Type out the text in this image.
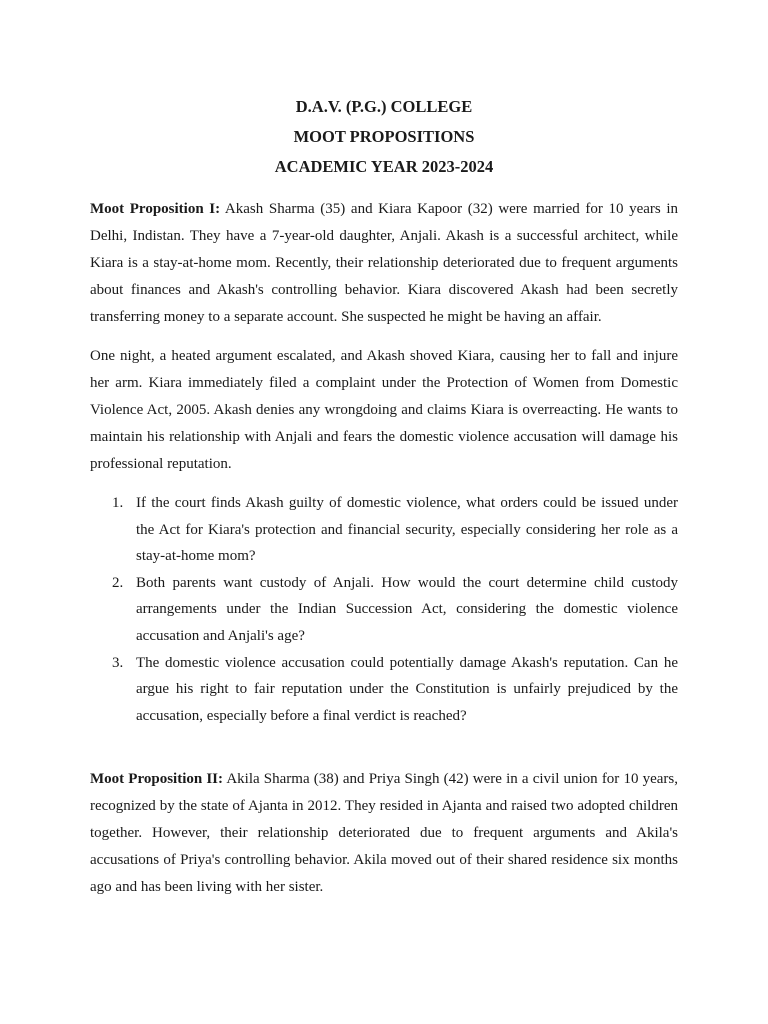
D.A.V. (P.G.) COLLEGE
MOOT PROPOSITIONS
ACADEMIC YEAR 2023-2024

Moot Proposition I: Akash Sharma (35) and Kiara Kapoor (32) were married for 10 years in Delhi, Indistan. They have a 7-year-old daughter, Anjali. Akash is a successful architect, while Kiara is a stay-at-home mom. Recently, their relationship deteriorated due to frequent arguments about finances and Akash's controlling behavior. Kiara discovered Akash had been secretly transferring money to a separate account. She suspected he might be having an affair.

One night, a heated argument escalated, and Akash shoved Kiara, causing her to fall and injure her arm. Kiara immediately filed a complaint under the Protection of Women from Domestic Violence Act, 2005. Akash denies any wrongdoing and claims Kiara is overreacting. He wants to maintain his relationship with Anjali and fears the domestic violence accusation will damage his professional reputation.

1. If the court finds Akash guilty of domestic violence, what orders could be issued under the Act for Kiara's protection and financial security, especially considering her role as a stay-at-home mom?
2. Both parents want custody of Anjali. How would the court determine child custody arrangements under the Indian Succession Act, considering the domestic violence accusation and Anjali's age?
3. The domestic violence accusation could potentially damage Akash's reputation. Can he argue his right to fair reputation under the Constitution is unfairly prejudiced by the accusation, especially before a final verdict is reached?

Moot Proposition II: Akila Sharma (38) and Priya Singh (42) were in a civil union for 10 years, recognized by the state of Ajanta in 2012. They resided in Ajanta and raised two adopted children together. However, their relationship deteriorated due to frequent arguments and Akila's accusations of Priya's controlling behavior. Akila moved out of their shared residence six months ago and has been living with her sister.
